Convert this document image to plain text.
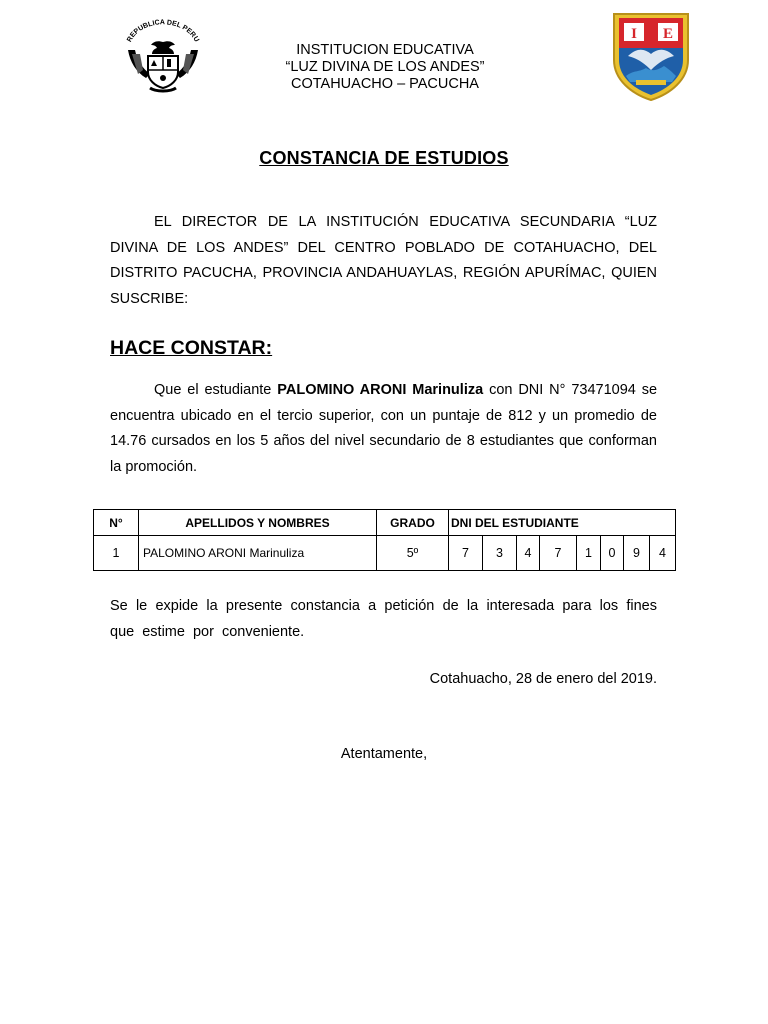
REPUBLICA DEL PERU
INSTITUCION EDUCATIVA
“LUZ DIVINA DE LOS ANDES”
COTAHUACHO – PACUCHA
I E
CONSTANCIA DE ESTUDIOS
EL DIRECTOR DE LA INSTITUCIÓN EDUCATIVA SECUNDARIA “LUZ DIVINA DE LOS ANDES” DEL CENTRO POBLADO DE COTAHUACHO, DEL DISTRITO PACUCHA, PROVINCIA ANDAHUAYLAS, REGIÓN APURÍMAC, QUIEN SUSCRIBE:
HACE CONSTAR:
Que el estudiante PALOMINO ARONI Marinuliza con DNI N° 73471094 se encuentra ubicado en el tercio superior, con un puntaje de 812 y un promedio de 14.76 cursados en los 5 años del nivel secundario de 8 estudiantes que conforman la promoción.
N°	APELLIDOS Y NOMBRES	GRADO	DNI DEL ESTUDIANTE							
1	PALOMINO ARONI Marinuliza	5º	7	3	4	7	1	0	9	4
Se le expide la presente constancia a petición de la interesada para los fines que estime por conveniente.
Cotahuacho, 28 de enero del 2019.
Atentamente,
